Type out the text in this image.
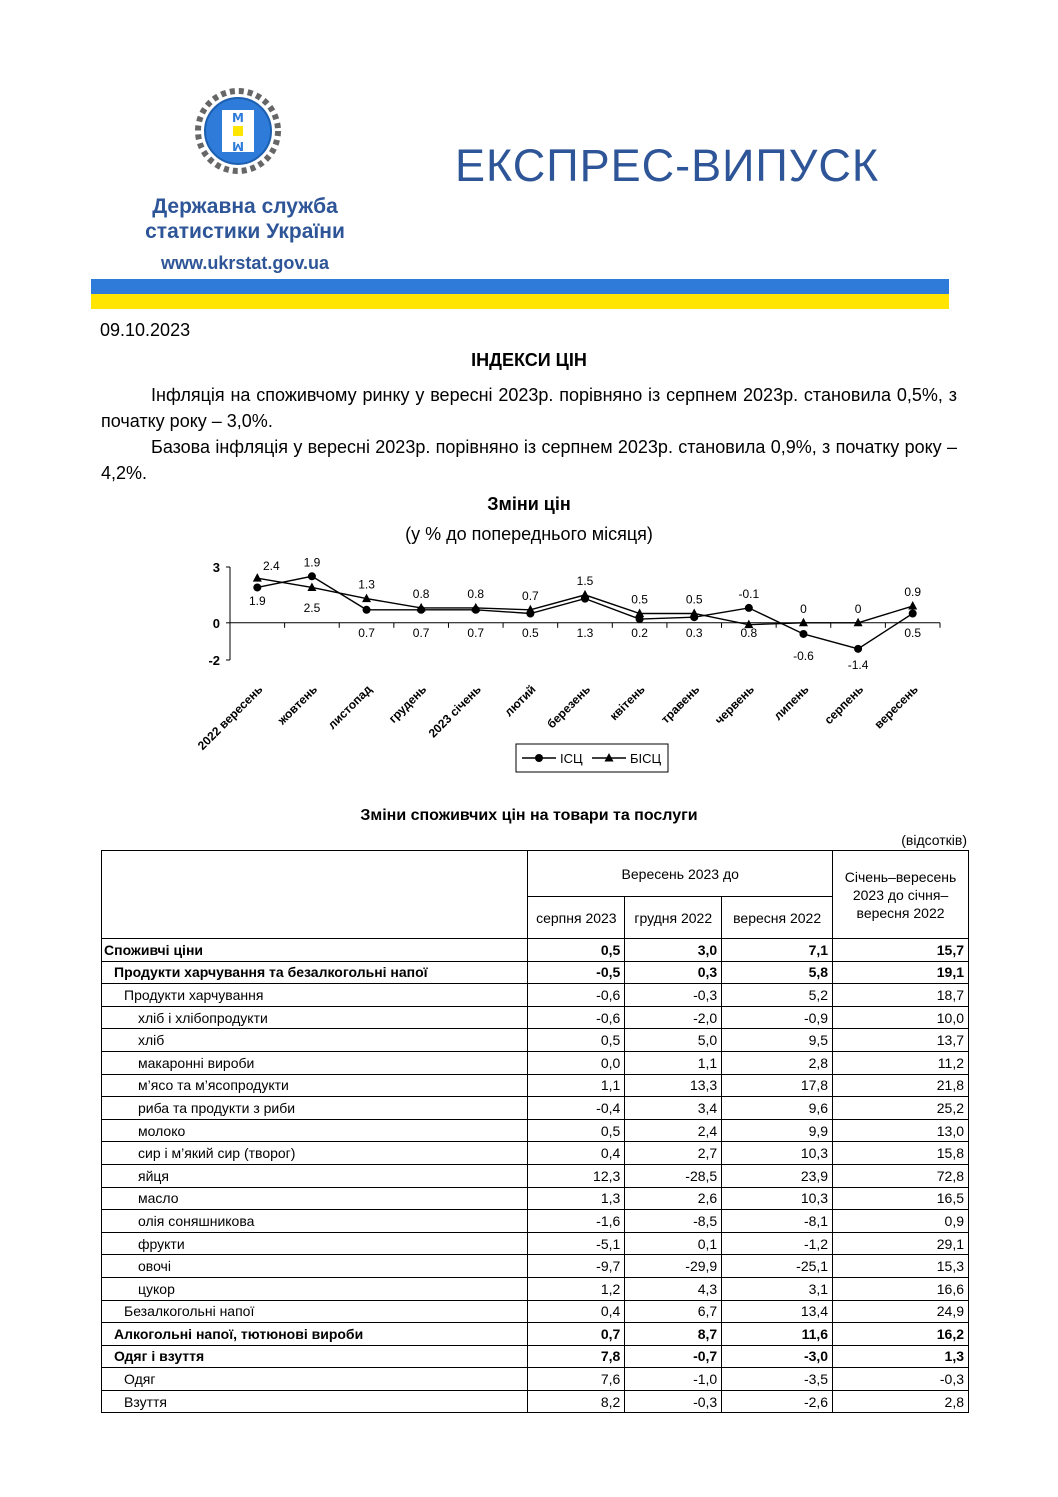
М
М
Державна служба
статистики України
www.ukrstat.gov.ua
ЕКСПРЕС-ВИПУСК
09.10.2023
ІНДЕКСИ ЦІН
Інфляція на споживчому ринку у вересні 2023р. порівняно із серпнем 2023р. становила 0,5%, з початку року – 3,0%.
Базова інфляція у вересні 2023р. порівняно із серпнем 2023р. становила 0,9%, з початку року – 4,2%.
Зміни цін
(у % до попереднього місяця)
3
0
-2
2022 вересень жовтень листопад грудень
2023 січень лютий березень квітень травень червень липень серпень вересень
1.9	2.5
0.7	0.7	0.7	0.5	1.3	0.2	0.3	0.8
-0.6
-1.4
0.5
2.4 1.9
1.3
0.8	0.8	0.7
1.5
0.5	0.5	-0.1
0	0
0.9
ІСЦ	БІСЦ
Зміни споживчих цін на товари та послуги
(відсотків)
	Вересень 2023 до			Січень–вересень 2023 до січня–вересня 2022
	серпня 2023	грудня 2022	вересня 2022	
Споживчі ціни	0,5	3,0	7,1	15,7
Продукти харчування та безалкогольні напої	-0,5	0,3	5,8	19,1
Продукти харчування	-0,6	-0,3	5,2	18,7
хліб і хлібопродукти	-0,6	-2,0	-0,9	10,0
хліб	0,5	5,0	9,5	13,7
макаронні вироби	0,0	1,1	2,8	11,2
м’ясо та м’ясопродукти	1,1	13,3	17,8	21,8
риба та продукти з риби	-0,4	3,4	9,6	25,2
молоко	0,5	2,4	9,9	13,0
сир і м’який сир (творог)	0,4	2,7	10,3	15,8
яйця	12,3	-28,5	23,9	72,8
масло	1,3	2,6	10,3	16,5
олія соняшникова	-1,6	-8,5	-8,1	0,9
фрукти	-5,1	0,1	-1,2	29,1
овочі	-9,7	-29,9	-25,1	15,3
цукор	1,2	4,3	3,1	16,6
Безалкогольні напої	0,4	6,7	13,4	24,9
Алкогольні напої, тютюнові вироби	0,7	8,7	11,6	16,2
Одяг і взуття	7,8	-0,7	-3,0	1,3
Одяг	7,6	-1,0	-3,5	-0,3
Взуття	8,2	-0,3	-2,6	2,8
